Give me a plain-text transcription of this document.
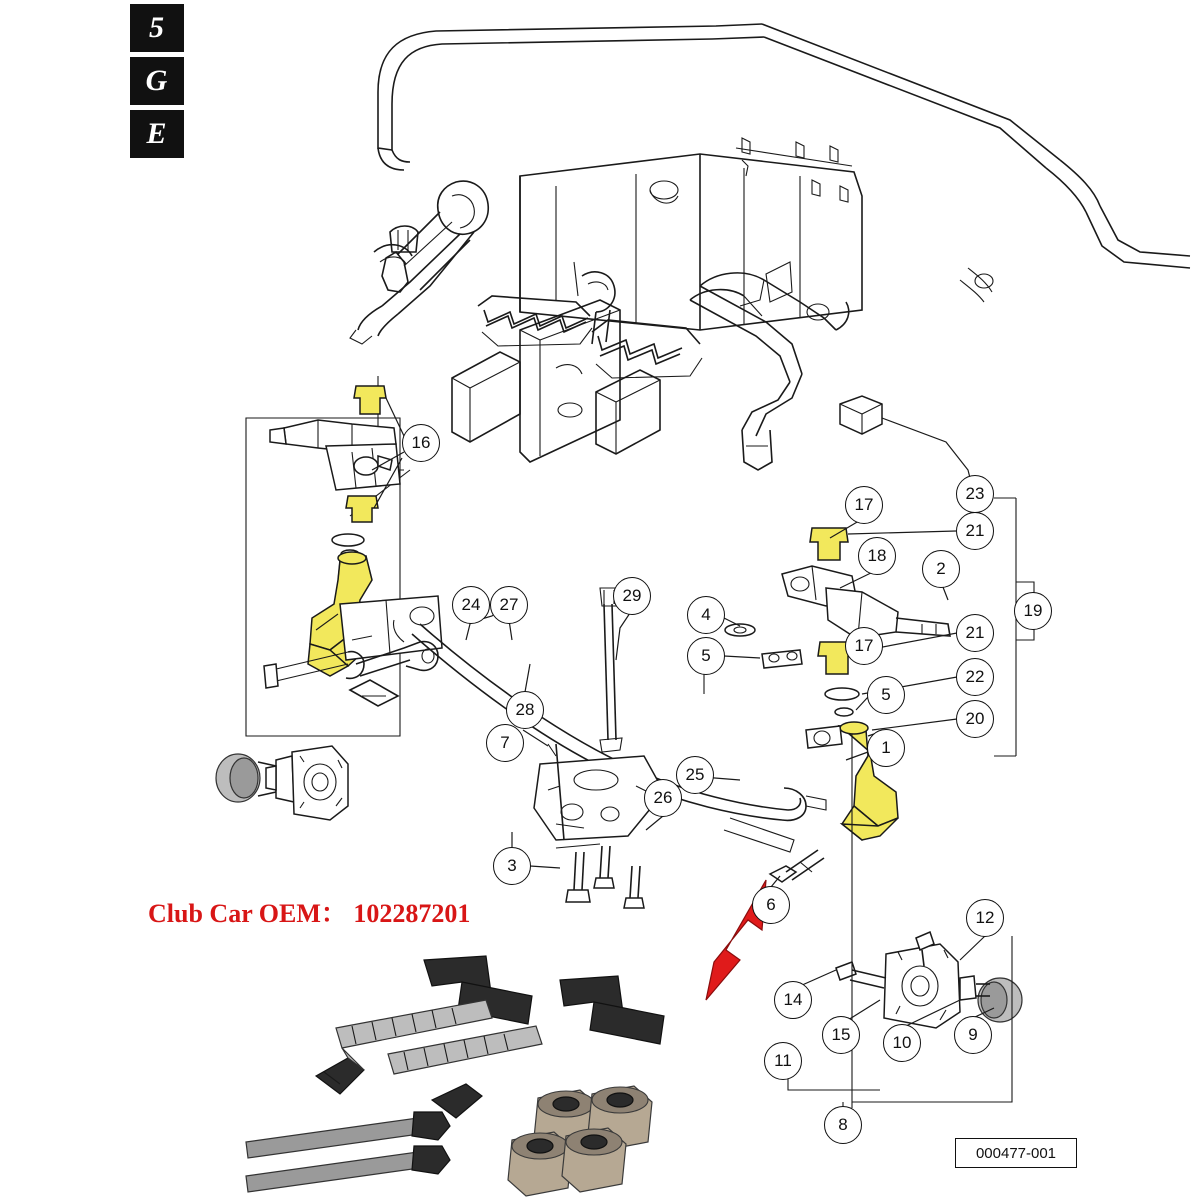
5
G
E
Club Car OEM： 102287201
000477-001
16
23
17
21
18
2
29
4
24	27	19
21
17
5
22
5
28	20
7	1
25
26
3
6
12
14
15	10	9
11
8
